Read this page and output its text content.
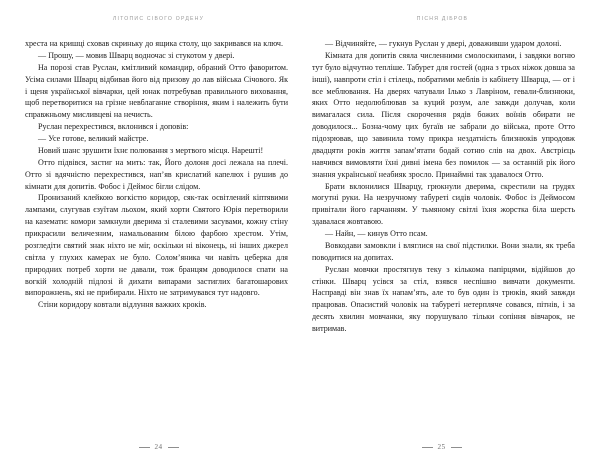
ЛІТОПИС СІВОГО ОРДЕНУ

хреста на кришці сховав скриньку до ящика столу, що закривався на ключ.

— Прошу, — мовив Шварц водночас зі стукотом у двері.

На порозі став Руслан, кмітливий командир, обраний Отто фаворитом. Усіма силами Шварц відбивав його від призову до лав війська Січового. Як і щеня української вівчарки, цей юнак потребував правильного виховання, щоб перетворитися на грізне невблаганне створіння, яким і належить бути справжньому мисливцеві на нечисть.

Руслан перехрестився, вклонився і доповів:

— Усе готове, великий майстре.

Новий шанс зрушити їхнє полювання з мертвого місця. Нарешті!

Отто підвівся, застиг на мить: так, Його долоня досі лежала на плечі. Отто зі вдячністю перехрестився, нап’яв крислатий капелюх і рушив до кімнати для допитів. Фобос і Деймос бігли слідом.

Пронизаний клейкою вогкістю коридор, сяк-так освітлений кіптявими лампами, слугував єзуїтам льохом, який хорти Святого Юрія перетворили на каземати: комори замкнули дверима зі сталевими засувами, кожну стіну прикрасили величезним, намальованим білою фарбою хрестом. Утім, розгледіти святий знак ніхто не міг, оскільки ні віконець, ні інших джерел світла у глухих камерах не було. Солом’яника чи навіть цеберка для природних потреб хорти не давали, тож бранцям доводилося спати на вогкій холодній підлозі й дихати випарами застиглих багатошарових випорожнень, які не прибирали. Ніхто не затримувався тут надовго.

Стіни коридору ковтали відлуння важких кроків.

24
ПІСНЯ ДІБРОВ

— Відчиняйте, — гукнув Руслан у двері, доваживши ударом долоні.

Кімната для допитів сяяла численними смолоскипами, і завдяки вогню тут було відчутно тепліше. Табурет для гостей (одна з трьох ніжок довша за інші), навпроти стіл і стілець, побратими меблів із кабінету Шварца, — от і все меблювання. На дверях чатували Ілько з Лавріном, гевали-близнюки, яких Отто недолюблював за куций розум, але завжди долучав, коли вимагалася сила. Після скорочення рядів божих воїнів обирати не доводилося... Бозна-чому цих бугаїв не забрали до війська, проте Отто підозрював, що завинила тому прикра нездатність близнюків упродовж двадцяти років життя запам’ятати бодай сотню слів на двох. Австрієць навчився вимовляти їхні дивні імена без помилок — за останній рік його знання української неабияк зросло. Принаймні так здавалося Отто.

Брати вклонилися Шварцу, грюкнули дверима, скрестили на грудях могутні руки. На незручному табуреті сидів чоловік. Фобос із Деймосом привітали його гарчанням. У тьмяному світлі їхня жорстка біла шерсть здавалася жовтавою.

— Найн, — кинув Отто псам.

Вовкодави замовкли і вляглися на свої підстилки. Вони знали, як треба поводитися на допитах.

Руслан мовчки простягнув теку з кількома папірцями, відійшов до стінки. Шварц усівся за стіл, взявся неспішно вивчати документи. Насправді він знав їх напам’ять, але то був один із трюків, який завжди працював. Опасистий чоловік на табуреті нетерпляче совався, пітнів, і за десять хвилин мовчанки, яку порушувало тільки сопіння вівчарок, не витримав.

25
